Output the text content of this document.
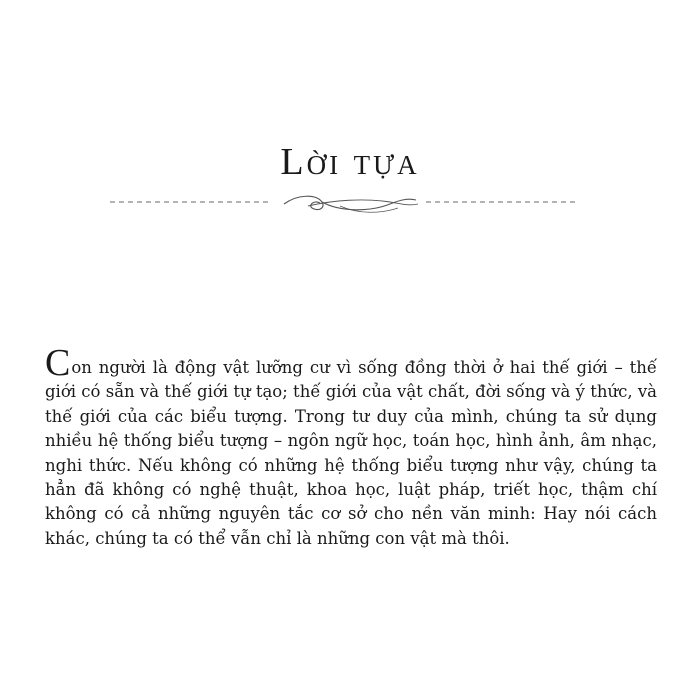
Lời tựa

Con người là động vật lưỡng cư vì sống đồng thời ở hai thế giới – thế giới có sẵn và thế giới tự tạo; thế giới của vật chất, đời sống và ý thức, và thế giới của các biểu tượng. Trong tư duy của mình, chúng ta sử dụng nhiều hệ thống biểu tượng – ngôn ngữ học, toán học, hình ảnh, âm nhạc, nghi thức. Nếu không có những hệ thống biểu tượng như vậy, chúng ta hẳn đã không có nghệ thuật, khoa học, luật pháp, triết học, thậm chí không có cả những nguyên tắc cơ sở cho nền văn minh: Hay nói cách khác, chúng ta có thể vẫn chỉ là những con vật mà thôi.
